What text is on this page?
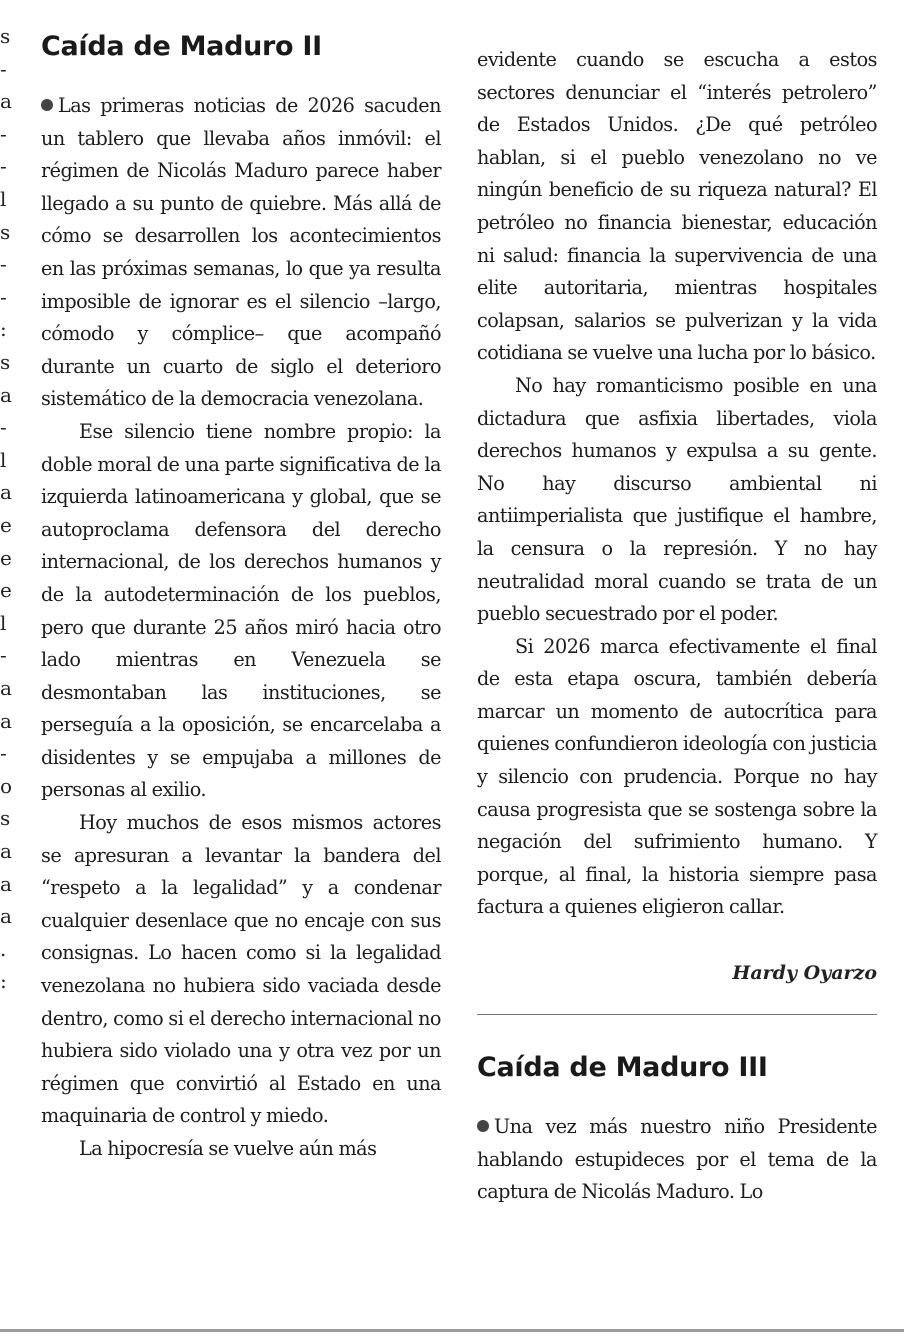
s
-
a
-
-
l
s
-
-
:
s
a
-
l
a
e
e
e
l
-
a
a
-
o
s
a
a
a
.
:
Caída de Maduro II

Las primeras noticias de 2026 sacuden un tablero que llevaba años inmóvil: el régimen de Nicolás Maduro parece haber llegado a su punto de quiebre. Más allá de cómo se desarrollen los acontecimientos en las próximas semanas, lo que ya resulta imposible de ignorar es el silencio –largo, cómodo y cómplice– que acompañó durante un cuarto de siglo el deterioro sistemático de la democracia venezolana.

Ese silencio tiene nombre propio: la doble moral de una parte significativa de la izquierda latinoamericana y global, que se autoproclama defensora del derecho internacional, de los derechos humanos y de la autodeterminación de los pueblos, pero que durante 25 años miró hacia otro lado mientras en Venezuela se desmontaban las instituciones, se perseguía a la oposición, se encarcelaba a disidentes y se empujaba a millones de personas al exilio.

Hoy muchos de esos mismos actores se apresuran a levantar la bandera del “respeto a la legalidad” y a condenar cualquier desenlace que no encaje con sus consignas. Lo hacen como si la legalidad venezolana no hubiera sido vaciada desde dentro, como si el derecho internacional no hubiera sido violado una y otra vez por un régimen que convirtió al Estado en una maquinaria de control y miedo.

La hipocresía se vuelve aún más

evidente cuando se escucha a estos sectores denunciar el “interés petrolero” de Estados Unidos. ¿De qué petróleo hablan, si el pueblo venezolano no ve ningún beneficio de su riqueza natural? El petróleo no financia bienestar, educación ni salud: financia la supervivencia de una elite autoritaria, mientras hospitales colapsan, salarios se pulverizan y la vida cotidiana se vuelve una lucha por lo básico.

No hay romanticismo posible en una dictadura que asfixia libertades, viola derechos humanos y expulsa a su gente. No hay discurso ambiental ni antiimperialista que justifique el hambre, la censura o la represión. Y no hay neutralidad moral cuando se trata de un pueblo secuestrado por el poder.

Si 2026 marca efectivamente el final de esta etapa oscura, también debería marcar un momento de autocrítica para quienes confundieron ideología con justicia y silencio con prudencia. Porque no hay causa progresista que se sostenga sobre la negación del sufrimiento humano. Y porque, al final, la historia siempre pasa factura a quienes eligieron callar.

Hardy Oyarzo

Caída de Maduro III

Una vez más nuestro niño Presidente hablando estupideces por el tema de la captura de Nicolás Maduro. Lo
